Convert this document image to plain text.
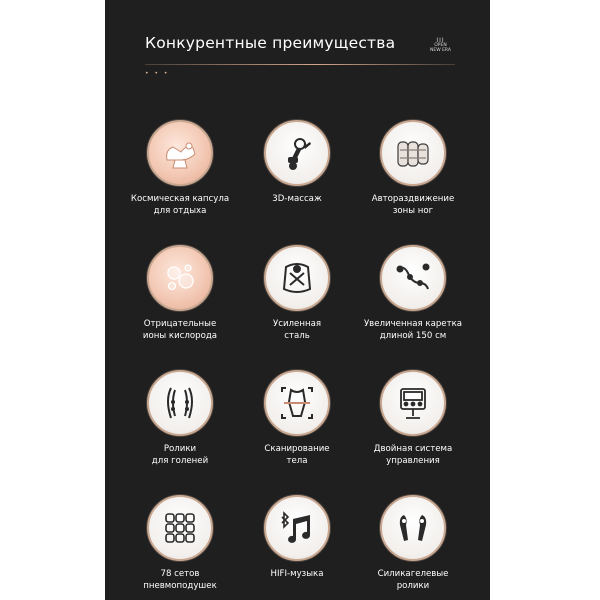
Конкурентные преимущества	III
OPEN
NEW ERA
• • •
Космическая капсула
для отдыха
3D-массаж	Автораздвижение
зоны ног
Отрицательные
ионы кислорода
Усиленная
сталь
Увеличенная каретка
длиной 150 см
Ролики
для голеней
Сканирование
тела
Двойная система
управления
78 сетов
пневмоподушек
HIFI-музыка	Силикагелевые
ролики
